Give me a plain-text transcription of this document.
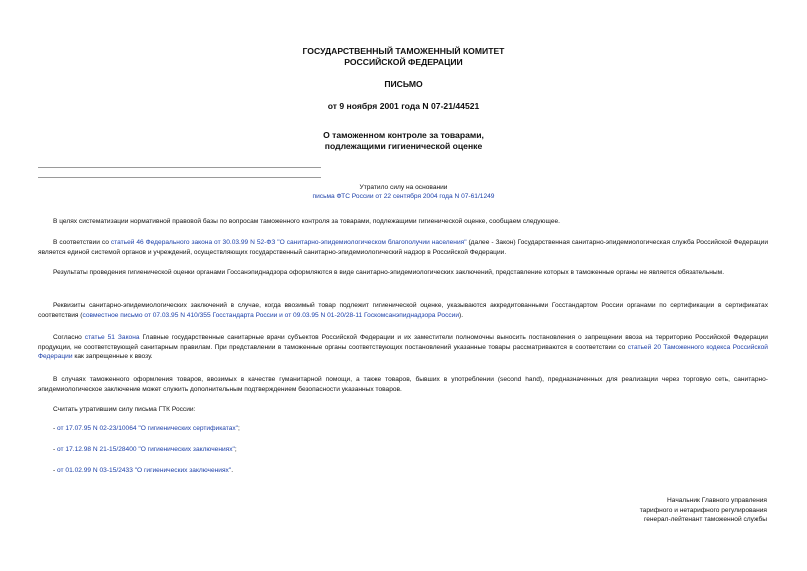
ГОСУДАРСТВЕННЫЙ ТАМОЖЕННЫЙ КОМИТЕТ
РОССИЙСКОЙ ФЕДЕРАЦИИ
ПИСЬМО
от 9 ноября 2001 года N 07-21/44521
О таможенном контроле за товарами,
подлежащими гигиенической оценке
Утратило силу на основании
письма ФТС России от 22 сентября 2004 года N 07-61/1249
В целях систематизации нормативной правовой базы по вопросам таможенного контроля за товарами, подлежащими гигиенической оценке, сообщаем следующее.
В соответствии со статьей 46 Федерального закона от 30.03.99 N 52-ФЗ "О санитарно-эпидемиологическом благополучии населения" (далее - Закон) Государственная санитарно-эпидемиологическая служба Российской Федерации является единой системой органов и учреждений, осуществляющих государственный санитарно-эпидемиологический надзор в Российской Федерации.
Результаты проведения гигиенической оценки органами Госсанэпиднадзора оформляются в виде санитарно-эпидемиологических заключений, представление которых в таможенные органы не является обязательным.
Реквизиты санитарно-эпидемиологических заключений в случае, когда ввозимый товар подлежит гигиенической оценке, указываются аккредитованными Госстандартом России органами по сертификации в сертификатах соответствия (совместное письмо от 07.03.95 N 410/355 Госстандарта России и от 09.03.95 N 01-20/28-11 Госкомсанэпиднадзора России).
Согласно статье 51 Закона Главные государственные санитарные врачи субъектов Российской Федерации и их заместители полномочны выносить постановления о запрещении ввоза на территорию Российской Федерации продукции, не соответствующей санитарным правилам. При представлении в таможенные органы соответствующих постановлений указанные товары рассматриваются в соответствии со статьей 20 Таможенного кодекса Российской Федерации как запрещенные к ввозу.
В случаях таможенного оформления товаров, ввозимых в качестве гуманитарной помощи, а также товаров, бывших в употреблении (second hand), предназначенных для реализации через торговую сеть, санитарно-эпидемиологическое заключение может служить дополнительным подтверждением безопасности указанных товаров.
Считать утратившим силу письма ГТК России:
- от 17.07.95 N 02-23/10064 "О гигиенических сертификатах";
- от 17.12.98 N 21-15/28400 "О гигиенических заключениях";
- от 01.02.99 N 03-15/2433 "О гигиенических заключениях".
Начальник Главного управления
тарифного и нетарифного регулирования
генерал-лейтенант таможенной службы
